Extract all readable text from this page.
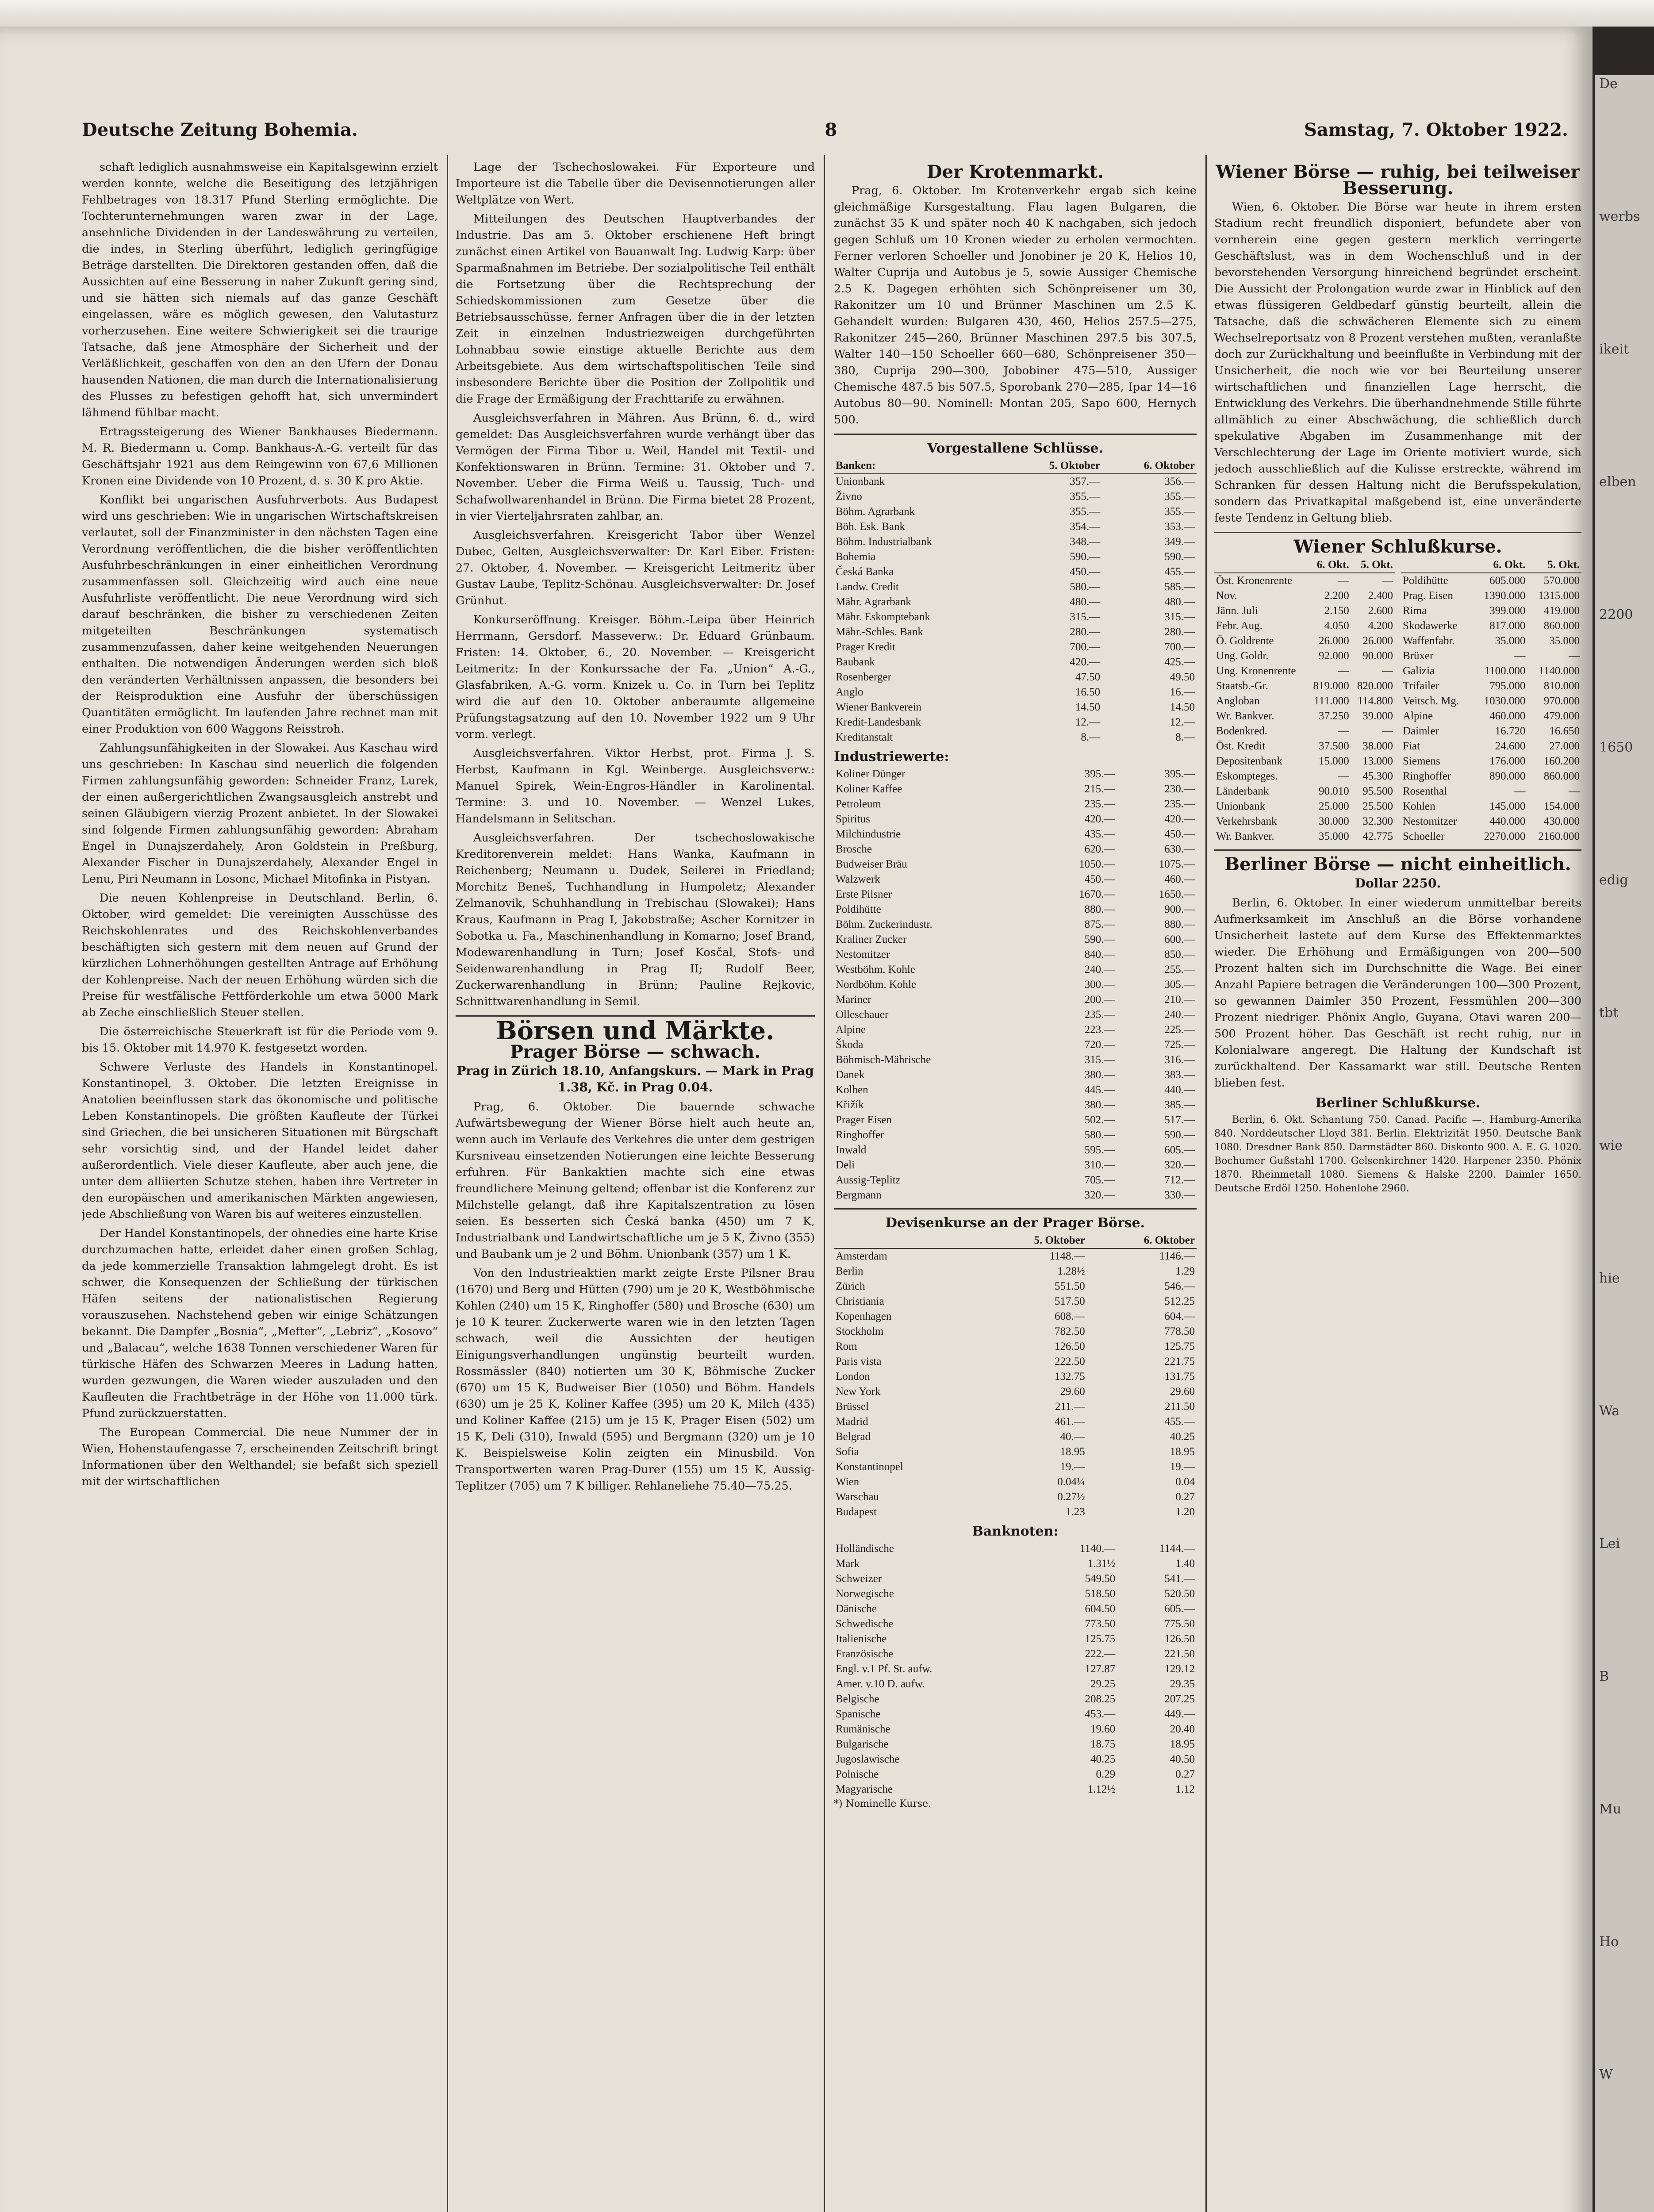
De
werbs
ikeit
elben
2200
1650
edig
tbt
wie
hie
Wa
Lei
B
Mu
Ho
W
Deutsche Zeitung Bohemia.	8	Samstag, 7. Oktober 1922.

schaft lediglich ausnahmsweise ein Kapitalsgewinn erzielt werden konnte, welche die Beseitigung des letzjährigen Fehlbetrages von 18.317 Pfund Sterling ermöglichte. Die Tochterunternehmungen waren zwar in der Lage, ansehnliche Dividenden in der Landeswährung zu verteilen, die indes, in Sterling überführt, lediglich geringfügige Beträge darstellten. Die Direktoren gestanden offen, daß die Aussichten auf eine Besserung in naher Zukunft gering sind, und sie hätten sich niemals auf das ganze Geschäft eingelassen, wäre es möglich gewesen, den Valutasturz vorherzusehen. Eine weitere Schwierigkeit sei die traurige Tatsache, daß jene Atmosphäre der Sicherheit und der Verläßlichkeit, geschaffen von den an den Ufern der Donau hausenden Nationen, die man durch die Internationalisierung des Flusses zu befestigen gehofft hat, sich unvermindert lähmend fühlbar macht.

Ertragssteigerung des Wiener Bankhauses Biedermann. M. R. Biedermann u. Comp. Bankhaus-A.-G. verteilt für das Geschäftsjahr 1921 aus dem Reingewinn von 67,6 Millionen Kronen eine Dividende von 10 Prozent, d. s. 30 K pro Aktie.

Konflikt bei ungarischen Ausfuhrverbots. Aus Budapest wird uns geschrieben: Wie in ungarischen Wirtschaftskreisen verlautet, soll der Finanzminister in den nächsten Tagen eine Verordnung veröffentlichen, die die bisher veröffentlichten Ausfuhrbeschränkungen in einer einheitlichen Verordnung zusammenfassen soll. Gleichzeitig wird auch eine neue Ausfuhrliste veröffentlicht. Die neue Verordnung wird sich darauf beschränken, die bisher zu verschiedenen Zeiten mitgeteilten Beschränkungen systematisch zusammenzufassen, daher keine weitgehenden Neuerungen enthalten. Die notwendigen Änderungen werden sich bloß den veränderten Verhältnissen anpassen, die besonders bei der Reisproduktion eine Ausfuhr der überschüssigen Quantitäten ermöglicht. Im laufenden Jahre rechnet man mit einer Produktion von 600 Waggons Reisstroh.

Zahlungsunfähigkeiten in der Slowakei. Aus Kaschau wird uns geschrieben: In Kaschau sind neuerlich die folgenden Firmen zahlungsunfähig geworden: Schneider Franz, Lurek, der einen außergerichtlichen Zwangsausgleich anstrebt und seinen Gläubigern vierzig Prozent anbietet. In der Slowakei sind folgende Firmen zahlungsunfähig geworden: Abraham Engel in Dunajszerdahely, Aron Goldstein in Preßburg, Alexander Fischer in Dunajszerdahely, Alexander Engel in Lenu, Piri Neumann in Losonc, Michael Mitofinka in Pistyan.

Die neuen Kohlenpreise in Deutschland. Berlin, 6. Oktober, wird gemeldet: Die vereinigten Ausschüsse des Reichskohlenrates und des Reichskohlenverbandes beschäftigten sich gestern mit dem neuen auf Grund der kürzlichen Lohnerhöhungen gestellten Antrage auf Erhöhung der Kohlenpreise. Nach der neuen Erhöhung würden sich die Preise für westfälische Fettförderkohle um etwa 5000 Mark ab Zeche einschließlich Steuer stellen.

Die österreichische Steuerkraft ist für die Periode vom 9. bis 15. Oktober mit 14.970 K. festgesetzt worden.

Schwere Verluste des Handels in Konstantinopel. Konstantinopel, 3. Oktober. Die letzten Ereignisse in Anatolien beeinflussen stark das ökonomische und politische Leben Konstantinopels. Die größten Kaufleute der Türkei sind Griechen, die bei unsicheren Situationen mit Bürgschaft sehr vorsichtig sind, und der Handel leidet daher außerordentlich. Viele dieser Kaufleute, aber auch jene, die unter dem alliierten Schutze stehen, haben ihre Vertreter in den europäischen und amerikanischen Märkten angewiesen, jede Abschließung von Waren bis auf weiteres einzustellen.

Der Handel Konstantinopels, der ohnedies eine harte Krise durchzumachen hatte, erleidet daher einen großen Schlag, da jede kommerzielle Transaktion lahmgelegt droht. Es ist schwer, die Konsequenzen der Schließung der türkischen Häfen seitens der nationalistischen Regierung vorauszusehen. Nachstehend geben wir einige Schätzungen bekannt. Die Dampfer „Bosnia“, „Mefter“, „Lebriz“, „Kosovo“ und „Balacau“, welche 1638 Tonnen verschiedener Waren für türkische Häfen des Schwarzen Meeres in Ladung hatten, wurden gezwungen, die Waren wieder auszuladen und den Kaufleuten die Frachtbeträge in der Höhe von 11.000 türk. Pfund zurückzuerstatten.

The European Commercial. Die neue Nummer der in Wien, Hohenstaufengasse 7, erscheinenden Zeitschrift bringt Informationen über den Welthandel; sie befaßt sich speziell mit der wirtschaftlichen

Lage der Tschechoslowakei. Für Exporteure und Importeure ist die Tabelle über die Devisennotierungen aller Weltplätze von Wert.

Mitteilungen des Deutschen Hauptverbandes der Industrie. Das am 5. Oktober erschienene Heft bringt zunächst einen Artikel von Bauanwalt Ing. Ludwig Karp: über Sparmaßnahmen im Betriebe. Der sozialpolitische Teil enthält die Fortsetzung über die Rechtsprechung der Schiedskommissionen zum Gesetze über die Betriebsausschüsse, ferner Anfragen über die in der letzten Zeit in einzelnen Industriezweigen durchgeführten Lohnabbau sowie einstige aktuelle Berichte aus dem Arbeitsgebiete. Aus dem wirtschaftspolitischen Teile sind insbesondere Berichte über die Position der Zollpolitik und die Frage der Ermäßigung der Frachttarife zu erwähnen.

Ausgleichsverfahren in Mähren. Aus Brünn, 6. d., wird gemeldet: Das Ausgleichsverfahren wurde verhängt über das Vermögen der Firma Tibor u. Weil, Handel mit Textil- und Konfektionswaren in Brünn. Termine: 31. Oktober und 7. November. Ueber die Firma Weiß u. Taussig, Tuch- und Schafwollwarenhandel in Brünn. Die Firma bietet 28 Prozent, in vier Vierteljahrsraten zahlbar, an.

Ausgleichsverfahren. Kreisgericht Tabor über Wenzel Dubec, Gelten, Ausgleichsverwalter: Dr. Karl Eiber. Fristen: 27. Oktober, 4. November. — Kreisgericht Leitmeritz über Gustav Laube, Teplitz-Schönau. Ausgleichsverwalter: Dr. Josef Grünhut.

Konkurseröffnung. Kreisger. Böhm.-Leipa über Heinrich Herrmann, Gersdorf. Masseverw.: Dr. Eduard Grünbaum. Fristen: 14. Oktober, 6., 20. November. — Kreisgericht Leitmeritz: In der Konkurssache der Fa. „Union“ A.-G., Glasfabriken, A.-G. vorm. Knizek u. Co. in Turn bei Teplitz wird die auf den 10. Oktober anberaumte allgemeine Prüfungstagsatzung auf den 10. November 1922 um 9 Uhr vorm. verlegt.

Ausgleichsverfahren. Viktor Herbst, prot. Firma J. S. Herbst, Kaufmann in Kgl. Weinberge. Ausgleichsverw.: Manuel Spirek, Wein-Engros-Händler in Karolinental. Termine: 3. und 10. November. — Wenzel Lukes, Handelsmann in Selitschan.

Ausgleichsverfahren. Der tschechoslowakische Kreditorenverein meldet: Hans Wanka, Kaufmann in Reichenberg; Neumann u. Dudek, Seilerei in Friedland; Morchitz Beneš, Tuchhandlung in Humpoletz; Alexander Zelmanovik, Schuhhandlung in Trebischau (Slowakei); Hans Kraus, Kaufmann in Prag I, Jakobstraße; Ascher Kornitzer in Sobotka u. Fa., Maschinenhandlung in Komarno; Josef Brand, Modewarenhandlung in Turn; Josef Kosčal, Stofs- und Seidenwarenhandlung in Prag II; Rudolf Beer, Zuckerwarenhandlung in Brünn; Pauline Rejkovic, Schnittwarenhandlung in Semil.

Börsen und Märkte.
Prager Börse — schwach.
Prag in Zürich 18.10, Anfangskurs. — Mark in Prag 1.38, Kč. in Prag 0.04.

Prag, 6. Oktober. Die bauernde schwache Aufwärtsbewegung der Wiener Börse hielt auch heute an, wenn auch im Verlaufe des Verkehres die unter dem gestrigen Kursniveau einsetzenden Notierungen eine leichte Besserung erfuhren. Für Bankaktien machte sich eine etwas freundlichere Meinung geltend; offenbar ist die Konferenz zur Milchstelle gelangt, daß ihre Kapitalszentration zu lösen seien. Es besserten sich Česká banka (450) um 7 K, Industrialbank und Landwirtschaftliche um je 5 K, Živno (355) und Baubank um je 2 und Böhm. Unionbank (357) um 1 K.

Von den Industrieaktien markt zeigte Erste Pilsner Brau (1670) und Berg und Hütten (790) um je 20 K, Westböhmische Kohlen (240) um 15 K, Ringhoffer (580) und Brosche (630) um je 10 K teurer. Zuckerwerte waren wie in den letzten Tagen schwach, weil die Aussichten der heutigen Einigungsverhandlungen ungünstig beurteilt wurden. Rossmässler (840) notierten um 30 K, Böhmische Zucker (670) um 15 K, Budweiser Bier (1050) und Böhm. Handels (630) um je 25 K, Koliner Kaffee (395) um 20 K, Milch (435) und Koliner Kaffee (215) um je 15 K, Prager Eisen (502) um 15 K, Deli (310), Inwald (595) und Bergmann (320) um je 10 K. Beispielsweise Kolin zeigten ein Minusbild. Von Transportwerten waren Prag-Durer (155) um 15 K, Aussig-Teplitzer (705) um 7 K billiger. Rehlaneliehe 75.40—75.25.

Der Krotenmarkt.

Prag, 6. Oktober. Im Krotenverkehr ergab sich keine gleichmäßige Kursgestaltung. Flau lagen Bulgaren, die zunächst 35 K und später noch 40 K nachgaben, sich jedoch gegen Schluß um 10 Kronen wieder zu erholen vermochten. Ferner verloren Schoeller und Jonobiner je 20 K, Helios 10, Walter Cuprija und Autobus je 5, sowie Aussiger Chemische 2.5 K. Dagegen erhöhten sich Schönpreisener um 30, Rakonitzer um 10 und Brünner Maschinen um 2.5 K. Gehandelt wurden: Bulgaren 430, 460, Helios 257.5—275, Rakonitzer 245—260, Brünner Maschinen 297.5 bis 307.5, Walter 140—150 Schoeller 660—680, Schönpreisener 350—380, Cuprija 290—300, Jobobiner 475—510, Aussiger Chemische 487.5 bis 507.5, Sporobank 270—285, Ipar 14—16 Autobus 80—90. Nominell: Montan 205, Sapo 600, Hernych 500.

Vorgestallene Schlüsse.
Banken:	5. Oktober	6. Oktober
Unionbank	357.—	356.—
Živno	355.—	355.—
Böhm. Agrarbank	355.—	355.—
Böh. Esk. Bank	354.—	353.—
Böhm. Industrialbank	348.—	349.—
Bohemia	590.—	590.—
Česká Banka	450.—	455.—
Landw. Credit	580.—	585.—
Mähr. Agrarbank	480.—	480.—
Mähr. Eskomptebank	315.—	315.—
Mähr.-Schles. Bank	280.—	280.—
Prager Kredit	700.—	700.—
Baubank	420.—	425.—
Rosenberger	47.50	49.50
Anglo	16.50	16.—
Wiener Bankverein	14.50	14.50
Kredit-Landesbank	12.—	12.—
Kreditanstalt	8.—	8.—
Industriewerte:
Koliner Dünger	395.—	395.—
Koliner Kaffee	215.—	230.—
Petroleum	235.—	235.—
Spiritus	420.—	420.—
Milchindustrie	435.—	450.—
Brosche	620.—	630.—
Budweiser Bräu	1050.—	1075.—
Walzwerk	450.—	460.—
Erste Pilsner	1670.—	1650.—
Poldihütte	880.—	900.—
Böhm. Zuckerindustr.	875.—	880.—
Kraliner Zucker	590.—	600.—
Nestomitzer	840.—	850.—
Westböhm. Kohle	240.—	255.—
Nordböhm. Kohle	300.—	305.—
Mariner	200.—	210.—
Olleschauer	235.—	240.—
Alpine	223.—	225.—
Škoda	720.—	725.—
Böhmisch-Mährische	315.—	316.—
Danek	380.—	383.—
Kolben	445.—	440.—
Křižík	380.—	385.—
Prager Eisen	502.—	517.—
Ringhoffer	580.—	590.—
Inwald	595.—	605.—
Deli	310.—	320.—
Aussig-Teplitz	705.—	712.—
Bergmann	320.—	330.—
Devisenkurse an der Prager Börse.
	5. Oktober	6. Oktober
Amsterdam	1148.—	1146.—
Berlin	1.28½	1.29
Zürich	551.50	546.—
Christiania	517.50	512.25
Kopenhagen	608.—	604.—
Stockholm	782.50	778.50
Rom	126.50	125.75
Paris vista	222.50	221.75
London	132.75	131.75
New York	29.60	29.60
Brüssel	211.—	211.50
Madrid	461.—	455.—
Belgrad	40.—	40.25
Sofia	18.95	18.95
Konstantinopel	19.—	19.—
Wien	0.04¼	0.04
Warschau	0.27½	0.27
Budapest	1.23	1.20
Banknoten:
Holländische	1140.—	1144.—
Mark	1.31½	1.40
Schweizer	549.50	541.—
Norwegische	518.50	520.50
Dänische	604.50	605.—
Schwedische	773.50	775.50
Italienische	125.75	126.50
Französische	222.—	221.50
Engl. v.1 Pf. St. aufw.	127.87	129.12
Amer. v.10 D. aufw.	29.25	29.35
Belgische	208.25	207.25
Spanische	453.—	449.—
Rumänische	19.60	20.40
Bulgarische	18.75	18.95
Jugoslawische	40.25	40.50
Polnische	0.29	0.27
Magyarische	1.12½	1.12
*) Nominelle Kurse.
Wiener Börse — ruhig, bei teilweiser Besserung.

Wien, 6. Oktober. Die Börse war heute in ihrem ersten Stadium recht freundlich disponiert, befundete aber von vornherein eine gegen gestern merklich verringerte Geschäftslust, was in dem Wochenschluß und in der bevorstehenden Versorgung hinreichend begründet erscheint. Die Aussicht der Prolongation wurde zwar in Hinblick auf den etwas flüssigeren Geldbedarf günstig beurteilt, allein die Tatsache, daß die schwächeren Elemente sich zu einem Wechselreportsatz von 8 Prozent verstehen mußten, veranlaßte doch zur Zurückhaltung und beeinflußte in Verbindung mit der Unsicherheit, die noch wie vor bei Beurteilung unserer wirtschaftlichen und finanziellen Lage herrscht, die Entwicklung des Verkehrs. Die überhandnehmende Stille führte allmählich zu einer Abschwächung, die schließlich durch spekulative Abgaben im Zusammenhange mit der Verschlechterung der Lage im Oriente motiviert wurde, sich jedoch ausschließlich auf die Kulisse erstreckte, während im Schranken für dessen Haltung nicht die Berufsspekulation, sondern das Privatkapital maßgebend ist, eine unveränderte feste Tendenz in Geltung blieb.

Wiener Schlußkurse.
	6. Okt.	5. Okt.
Öst. Kronenrente	—	—
Nov.	2.200	2.400
Jänn. Juli	2.150	2.600
Febr. Aug.	4.050	4.200
Ö. Goldrente	26.000	26.000
Ung. Goldr.	92.000	90.000
Ung. Kronenrente	—	—
Staatsb.-Gr.	819.000	820.000
Angloban	111.000	114.800
Wr. Bankver.	37.250	39.000
Bodenkred.	—	—
Öst. Kredit	37.500	38.000
Depositenbank	15.000	13.000
Eskompteges.	—	45.300
Länderbank	90.010	95.500
Unionbank	25.000	25.500
Verkehrsbank	30.000	32.300
Wr. Bankver.	35.000	42.775
	6. Okt.	5. Okt.
Poldihütte	605.000	570.000
Prag. Eisen	1390.000	1315.000
Rima	399.000	419.000
Skodawerke	817.000	860.000
Waffenfabr.	35.000	35.000
Brüxer	—	—
Galizia	1100.000	1140.000
Trifailer	795.000	810.000
Veitsch. Mg.	1030.000	970.000
Alpine	460.000	479.000
Daimler	16.720	16.650
Fiat	24.600	27.000
Siemens	176.000	160.200
Ringhoffer	890.000	860.000
Rosenthal	—	—
Kohlen	145.000	154.000
Nestomitzer	440.000	430.000
Schoeller	2270.000	2160.000
Berliner Börse — nicht einheitlich.
Dollar 2250.

Berlin, 6. Oktober. In einer wiederum unmittelbar bereits Aufmerksamkeit im Anschluß an die Börse vorhandene Unsicherheit lastete auf dem Kurse des Effektenmarktes wieder. Die Erhöhung und Ermäßigungen von 200—500 Prozent halten sich im Durchschnitte die Wage. Bei einer Anzahl Papiere betragen die Veränderungen 100—300 Prozent, so gewannen Daimler 350 Prozent, Fessmühlen 200—300 Prozent niedriger. Phönix Anglo, Guyana, Otavi waren 200—500 Prozent höher. Das Geschäft ist recht ruhig, nur in Kolonialware angeregt. Die Haltung der Kundschaft ist zurückhaltend. Der Kassamarkt war still. Deutsche Renten blieben fest.

Berliner Schlußkurse.

Berlin, 6. Okt. Schantung 750. Canad. Pacific —. Hamburg-Amerika 840. Norddeutscher Lloyd 381. Berlin. Elektrizität 1950. Deutsche Bank 1080. Dresdner Bank 850. Darmstädter 860. Diskonto 900. A. E. G. 1020. Bochumer Gußstahl 1700. Gelsenkirchner 1420. Harpener 2350. Phönix 1870. Rheinmetall 1080. Siemens & Halske 2200. Daimler 1650. Deutsche Erdöl 1250. Hohenlohe 2960.
